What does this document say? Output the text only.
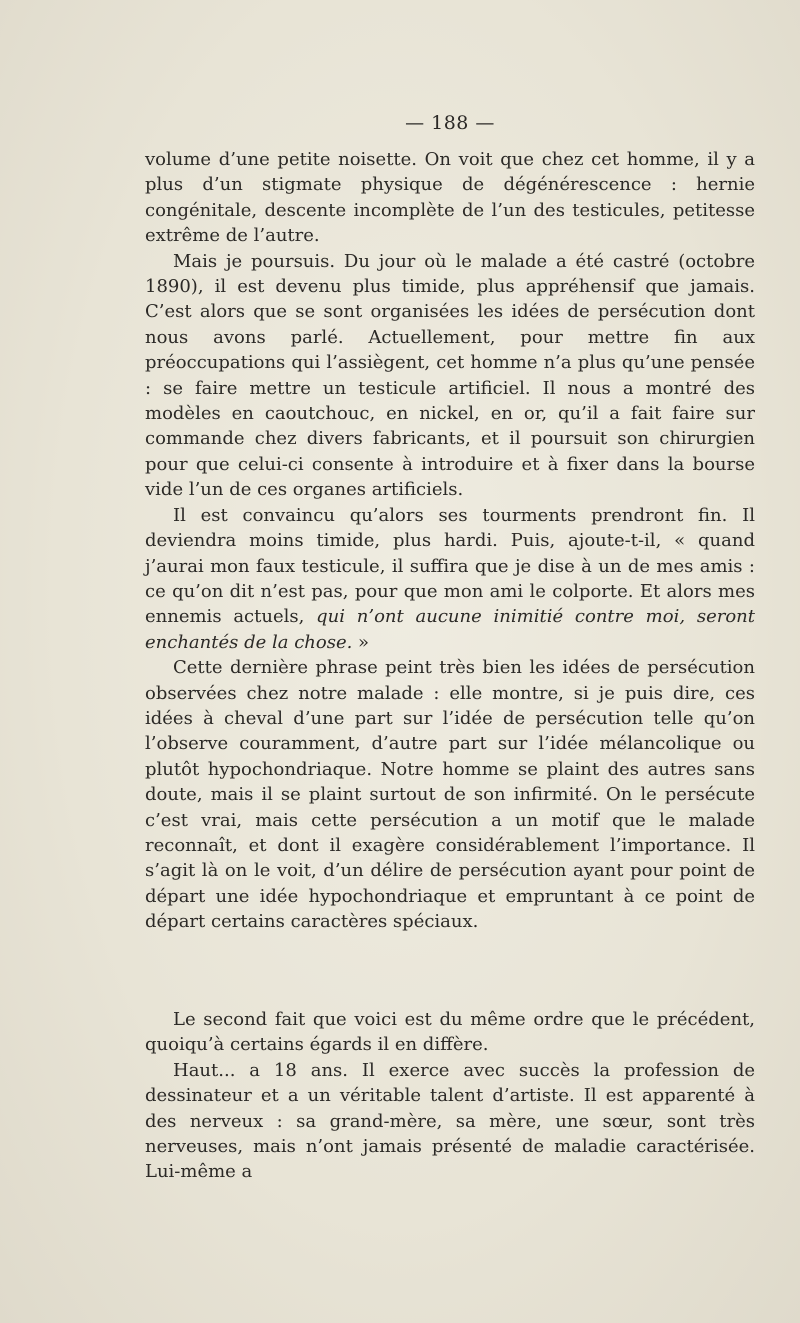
— 188 —

volume d’une petite noisette. On voit que chez cet homme, il y a plus d’un stigmate physique de dégénérescence : hernie congénitale, descente incomplète de l’un des testicules, petitesse extrême de l’autre.

Mais je poursuis. Du jour où le malade a été castré (octobre 1890), il est devenu plus timide, plus appréhensif que jamais. C’est alors que se sont organisées les idées de persécution dont nous avons parlé. Actuellement, pour mettre fin aux préoccupations qui l’assiègent, cet homme n’a plus qu’une pensée : se faire mettre un testicule artificiel. Il nous a montré des modèles en caoutchouc, en nickel, en or, qu’il a fait faire sur commande chez divers fabricants, et il poursuit son chirurgien pour que celui-ci consente à introduire et à fixer dans la bourse vide l’un de ces organes artificiels.

Il est convaincu qu’alors ses tourments prendront fin. Il deviendra moins timide, plus hardi. Puis, ajoute-t-il, « quand j’aurai mon faux testicule, il suffira que je dise à un de mes amis : ce qu’on dit n’est pas, pour que mon ami le colporte. Et alors mes ennemis actuels, qui n’ont aucune inimitié contre moi, seront enchantés de la chose. »

Cette dernière phrase peint très bien les idées de persécution observées chez notre malade : elle montre, si je puis dire, ces idées à cheval d’une part sur l’idée de persécution telle qu’on l’observe couramment, d’autre part sur l’idée mélancolique ou plutôt hypochondriaque. Notre homme se plaint des autres sans doute, mais il se plaint surtout de son infirmité. On le persécute c’est vrai, mais cette persécution a un motif que le malade reconnaît, et dont il exagère considérablement l’importance. Il s’agit là on le voit, d’un délire de persécution ayant pour point de départ une idée hypochondriaque et empruntant à ce point de départ certains caractères spéciaux.

Le second fait que voici est du même ordre que le précédent, quoiqu’à certains égards il en diffère.

Haut... a 18 ans. Il exerce avec succès la profession de dessinateur et a un véritable talent d’artiste. Il est apparenté à des nerveux : sa grand-mère, sa mère, une sœur, sont très nerveuses, mais n’ont jamais présenté de maladie caractérisée. Lui-même a
